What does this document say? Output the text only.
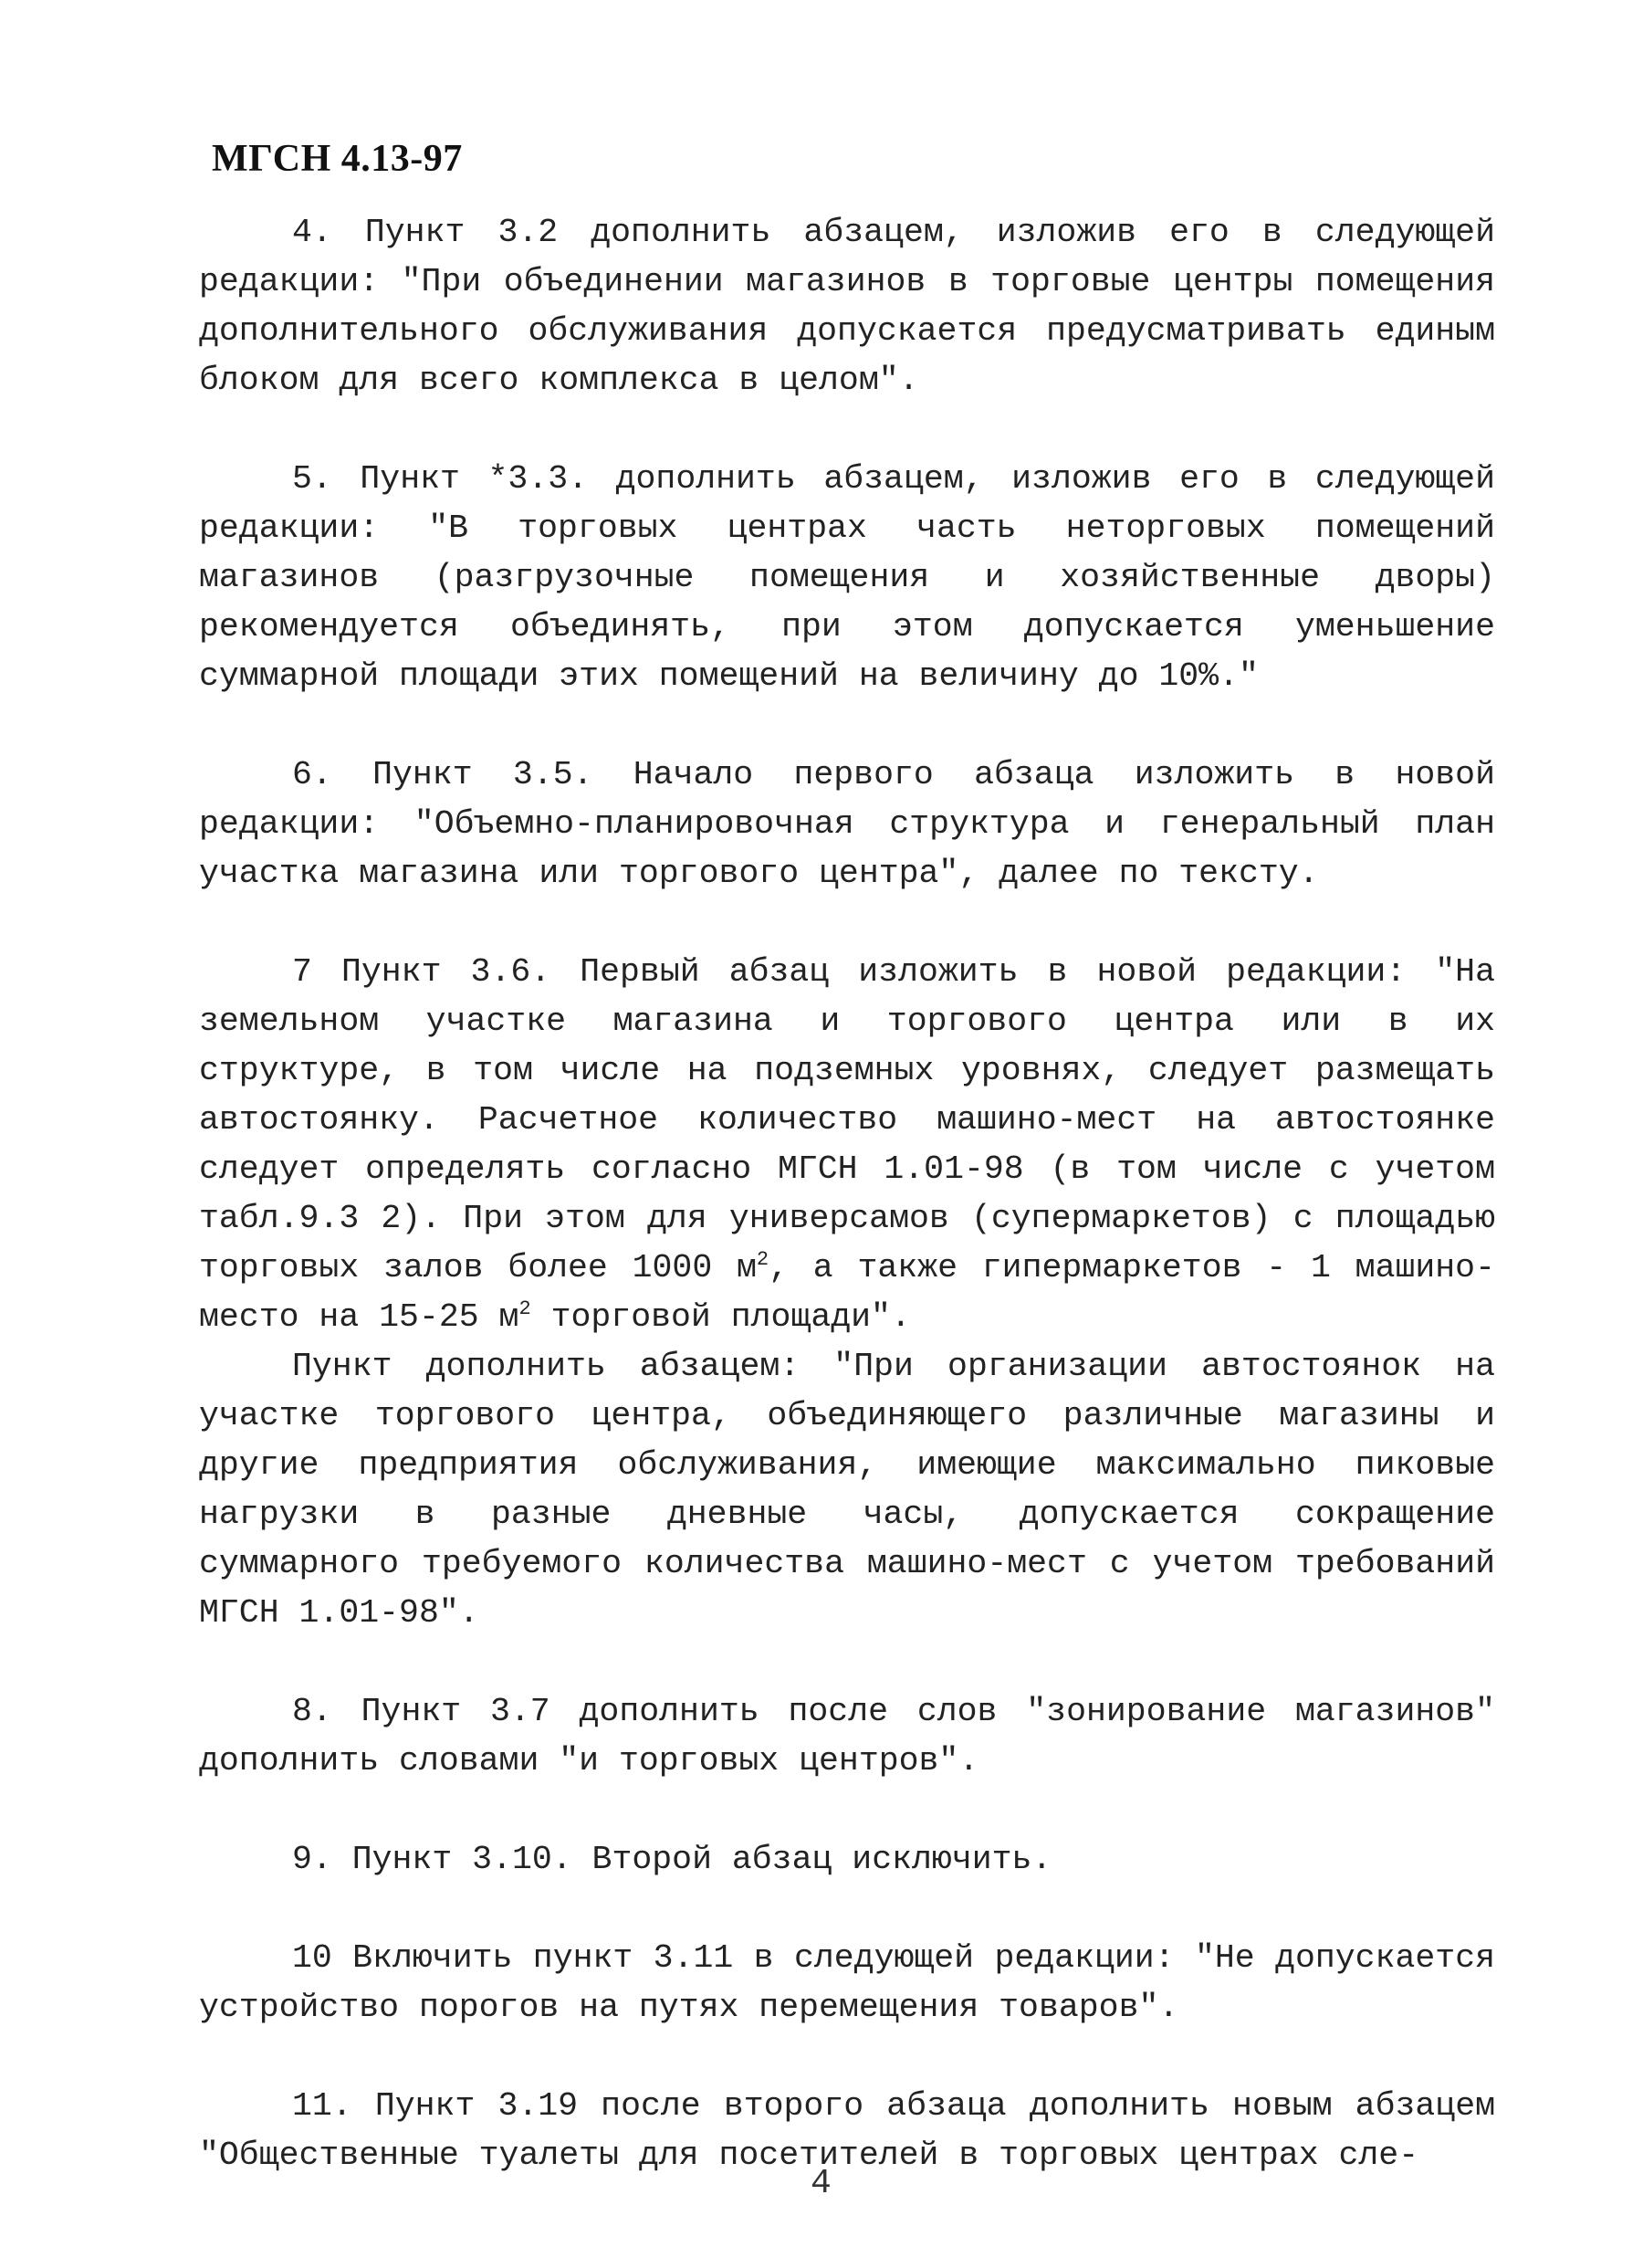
МГСН 4.13-97

4. Пункт 3.2 дополнить абзацем, изложив его в следующей редакции: "При объединении магазинов в торговые центры помещения дополнительного обслуживания допускается предусматривать единым блоком для всего комплекса в целом".

5. Пункт *3.3. дополнить абзацем, изложив его в следующей редакции: "В торговых центрах часть неторговых помещений магазинов (разгрузочные помещения и хозяйственные дворы) рекомендуется объединять, при этом допускается уменьшение суммарной площади этих помещений на величину до 10%."

6. Пункт 3.5. Начало первого абзаца изложить в новой редакции: "Объемно-планировочная структура и генеральный план участка магазина или торгового центра", далее по тексту.

7 Пункт 3.6. Первый абзац изложить в новой редакции: "На земельном участке магазина и торгового центра или в их структуре, в том числе на подземных уровнях, следует размещать автостоянку. Расчетное количество машино-мест на автостоянке следует определять согласно МГСН 1.01-98 (в том числе с учетом табл.9.3 2). При этом для универсамов (супермаркетов) с площадью торговых залов более 1000 $м^2$, а также гипермаркетов - 1 машино-место на 15-25 $м^2$ торговой площади".

Пункт дополнить абзацем: "При организации автостоянок на участке торгового центра, объединяющего различные магазины и другие предприятия обслуживания, имеющие максимально пиковые нагрузки в разные дневные часы, допускается сокращение суммарного требуемого количества машино-мест с учетом требований МГСН 1.01-98".

8. Пункт 3.7 дополнить после слов "зонирование магазинов" дополнить словами "и торговых центров".

9. Пункт 3.10. Второй абзац исключить.

10 Включить пункт 3.11 в следующей редакции: "Не допускается устройство порогов на путях перемещения товаров".

11. Пункт 3.19 после второго абзаца дополнить новым абзацем "Общественные туалеты для посетителей в торговых центрах сле-

4
